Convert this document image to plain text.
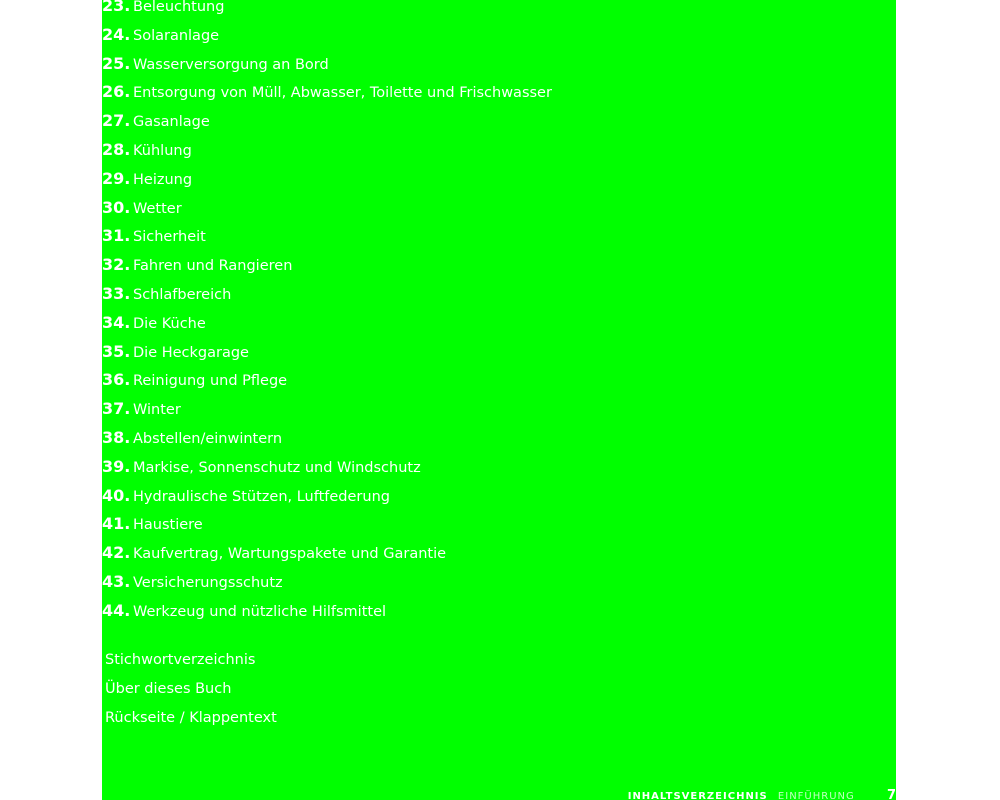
23. Beleuchtung
24. Solaranlage
25. Wasserversorgung an Bord
26. Entsorgung von Müll, Abwasser, Toilette und Frischwasser
27. Gasanlage
28. Kühlung
29. Heizung
30. Wetter
31. Sicherheit
32. Fahren und Rangieren
33. Schlafbereich
34. Die Küche
35. Die Heckgarage
36. Reinigung und Pflege
37. Winter
38. Abstellen/einwintern
39. Markise, Sonnenschutz und Windschutz
40. Hydraulische Stützen, Luftfederung
41. Haustiere
42. Kaufvertrag, Wartungspakete und Garantie
43. Versicherungsschutz
44. Werkzeug und nützliche Hilfsmittel
Stichwortverzeichnis
Über dieses Buch
Rückseite / Klappentext
INHALTSVERZEICHNIS EINFÜHRUNG 7
